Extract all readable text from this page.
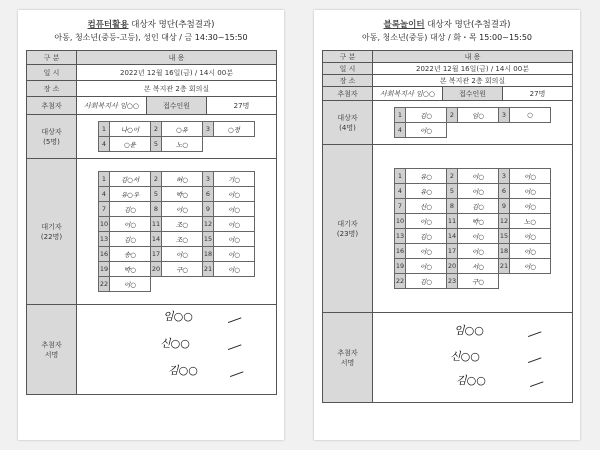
컴퓨터활용 대상자 명단(추첨결과)
아동, 청소년(중등-고등), 성인 대상 / 금 14:30~15:50
구 분	내 용
일 시	2022년 12월 16일(금) / 14시 00분
장 소	본 복지관 2층 회의실
추첨자	사회복지사 임○○	접수인원	27명
대상자
(5명)	
1	나○이	2	○유	3	○정
4	○윤	5	노○		

대기자
(22명)	
1	김○서	2	허○	3	기○
4	유○우	5	박○	6	이○
7	김○	8	이○	9	이○
10	이○	11	조○	12	이○
13	김○	14	조○	15	이○
16	송○	17	이○	18	이○
19	박○	20	구○	21	이○
22	이○				

추첨자
서명	
임○○
신○○
김○○
블록놀이터 대상자 명단(추첨결과)
아동, 청소년(중등) 대상 / 화・목 15:00~15:50
구 분	내 용
일 시	2022년 12월 16일(금) / 14시 00분
장 소	본 복지관 2층 회의실
추첨자	사회복지사 임○○	접수인원	27명
대상자
(4명)	
1	김○	2	임○	3	○
4	이○				

대기자
(23명)	
1	유○	2	이○	3	이○
4	유○	5	이○	6	이○
7	신○	8	김○	9	이○
10	이○	11	박○	12	노○
13	김○	14	이○	15	이○
16	이○	17	이○	18	이○
19	이○	20	서○	21	이○
22	김○	23	구○		

추첨자
서명	
임○○
신○○
김○○
